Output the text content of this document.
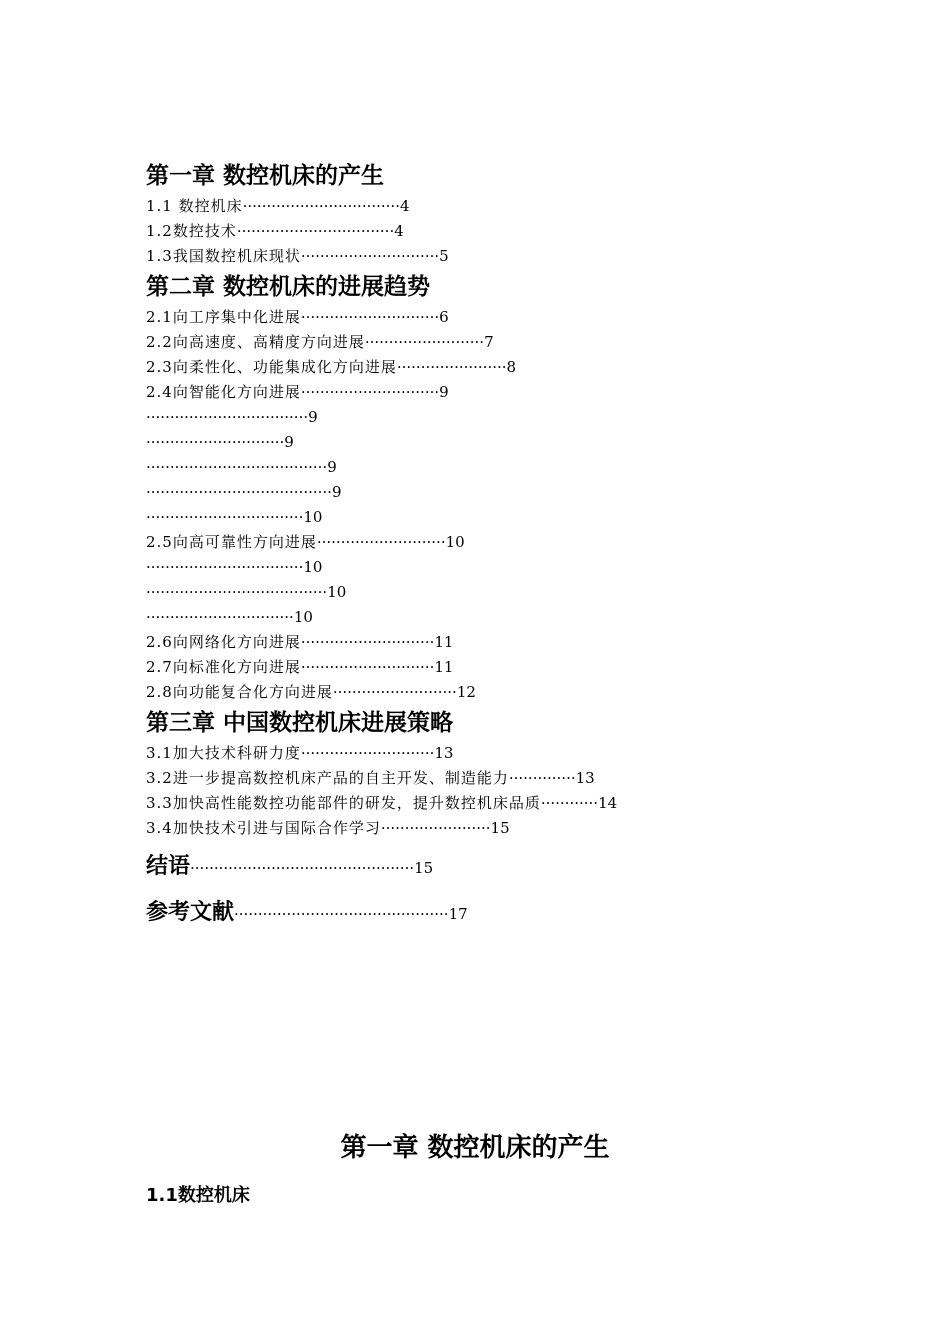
第一章 数控机床的产生
1.1 数控机床·································4
1.2数控技术·································4
1.3我国数控机床现状·····························5
第二章 数控机床的进展趋势
2.1向工序集中化进展·····························6
2.2向高速度、高精度方向进展·························7
2.3向柔性化、功能集成化方向进展·······················8
2.4向智能化方向进展·····························9
··································9
·····························9
······································9
·······································9
·································10
2.5向高可靠性方向进展···························10
·································10
······································10
·······························10
2.6向网络化方向进展····························11
2.7向标准化方向进展····························11
2.8向功能复合化方向进展··························12
第三章 中国数控机床进展策略
3.1加大技术科研力度····························13
3.2进一步提高数控机床产品的自主开发、制造能力··············13
3.3加快高性能数控功能部件的研发，提升数控机床品质············14
3.4加快技术引进与国际合作学习·······················15
结语···············································15
参考文献·············································17
第一章 数控机床的产生
1.1数控机床
